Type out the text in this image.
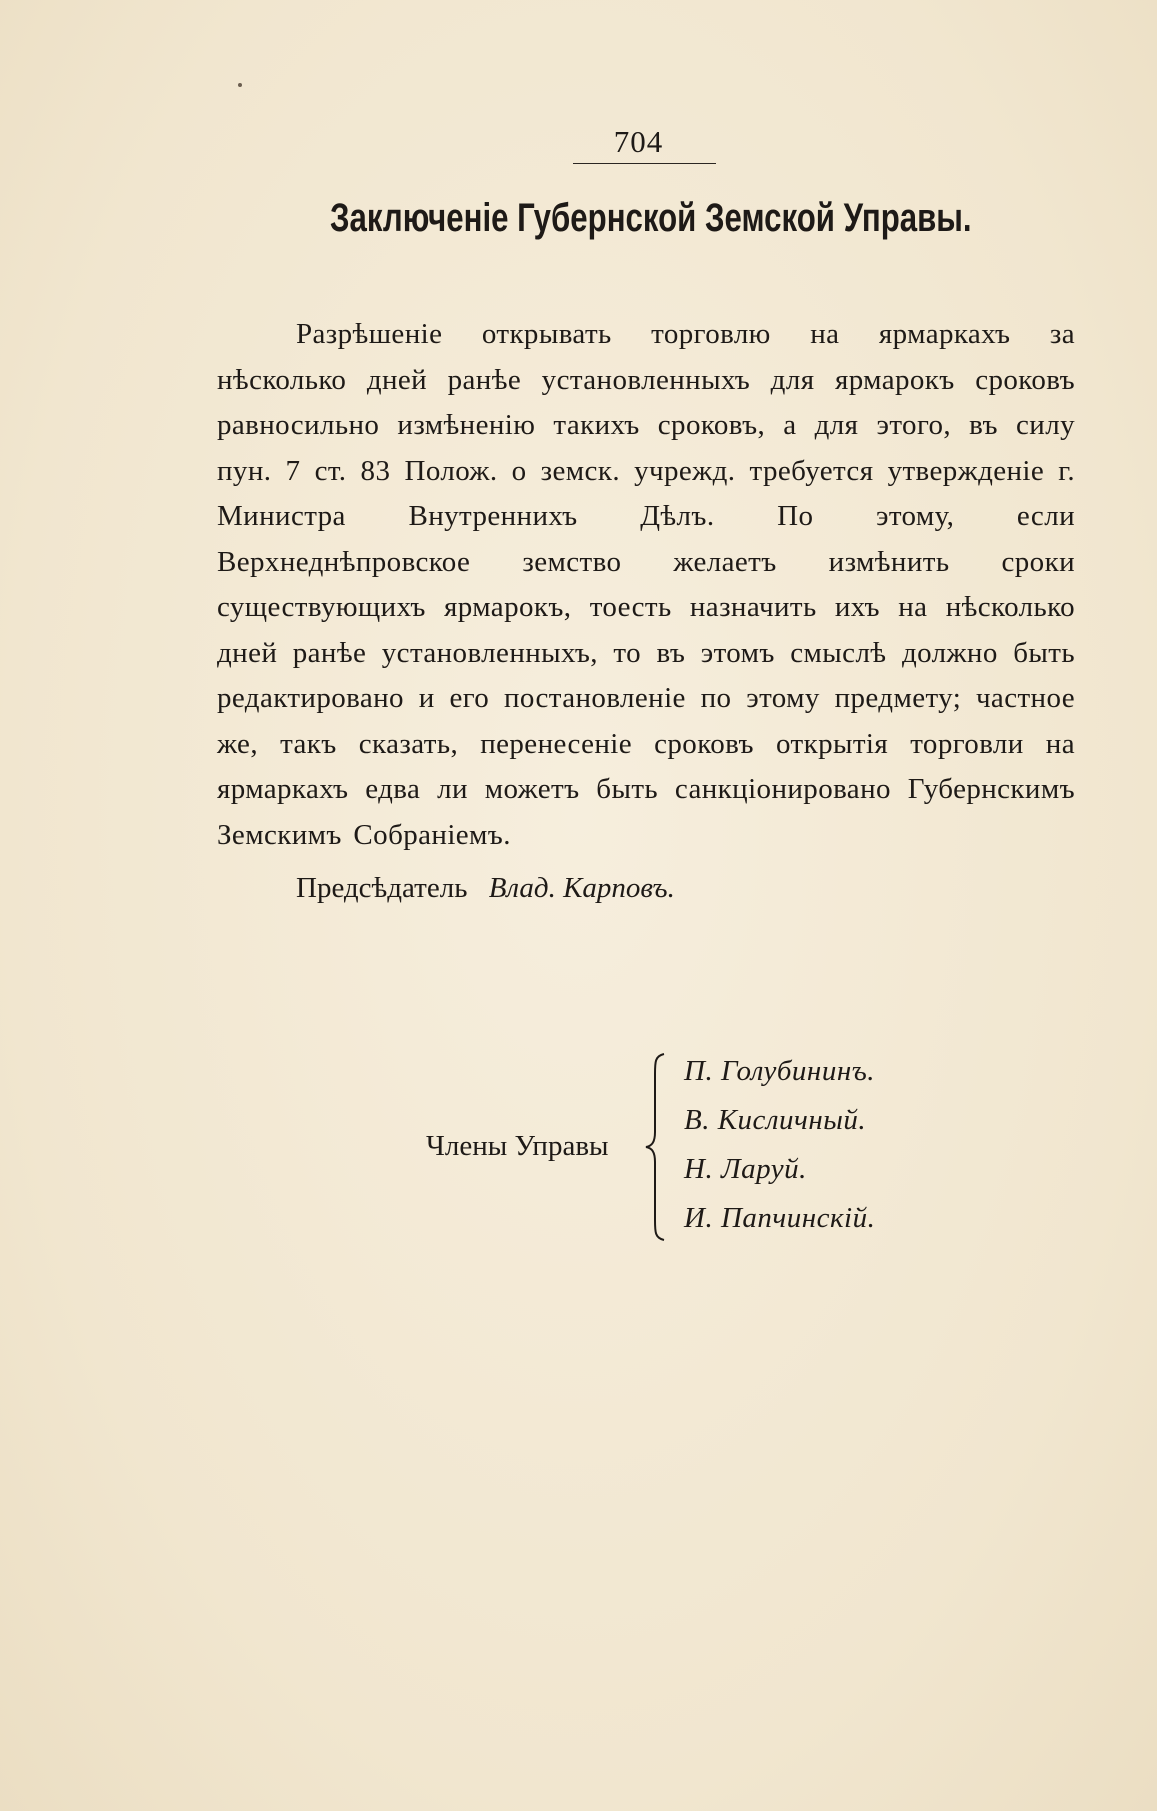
704
Заключеніе Губернской Земской Управы.

Разрѣшеніе открывать торговлю на ярмаркахъ за нѣсколько дней ранѣе установленныхъ для ярмарокъ сроковъ равносильно измѣненію такихъ сроковъ, а для этого, въ силу пун. 7 ст. 83 Полож. о земск. учрежд. требуется утвержденіе г. Министра Внутреннихъ Дѣлъ. По этому, если Верхнеднѣпровское земство желаетъ измѣнить сроки существующихъ ярмарокъ, тоесть назначить ихъ на нѣсколько дней ранѣе установленныхъ, то въ этомъ смыслѣ должно быть редактировано и его постановленіе по этому предмету; частное же, такъ сказать, перенесеніе сроковъ открытія торговли на ярмаркахъ едва ли можетъ быть санкціонировано Губернскимъ Земскимъ Собраніемъ.

Предсѣдатель Влад. Карповъ.
Члены Управы
П. Голубининъ.
В. Кисличный.
Н. Ларуй.
И. Папчинскій.
